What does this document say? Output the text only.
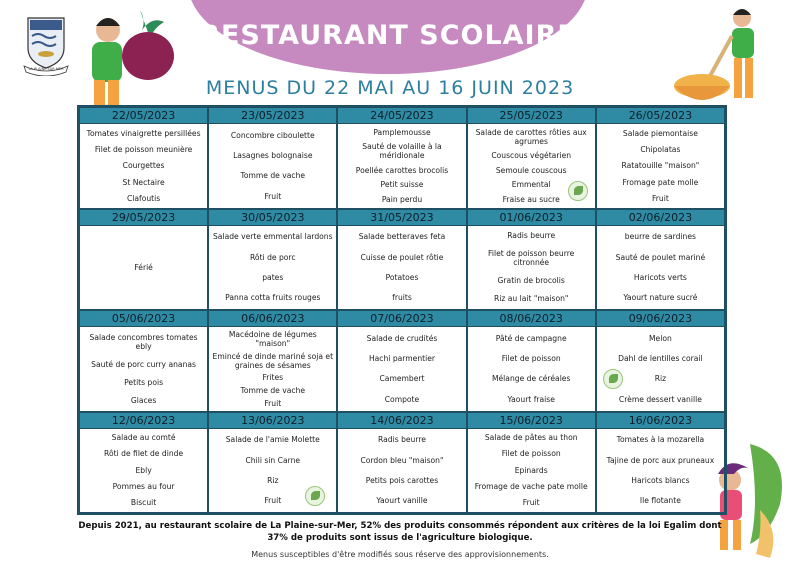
RESTAURANT SCOLAIRE
MENUS DU 22 MAI AU 16 JUIN 2023
LA PLAINE SUR MER
22/05/2023
Tomates vinaigrette persillées
Filet de poisson meunière
Courgettes
St Nectaire
Clafoutis
23/05/2023
Concombre ciboulette
Lasagnes bolognaise
Tomme de vache
Fruit
24/05/2023
Pamplemousse
Sauté de volaille à la méridionale
Poellée carottes brocolis
Petit suisse
Pain perdu
25/05/2023
Salade de carottes rôties aux agrumes
Couscous végétarien
Semoule couscous
Emmental
Fraise au sucre
26/05/2023
Salade piemontaise
Chipolatas
Ratatouille "maison"
Fromage pate molle
Fruit
29/05/2023
Férié
30/05/2023
Salade verte emmental lardons
Rôti de porc
pates
Panna cotta fruits rouges
31/05/2023
Salade betteraves feta
Cuisse de poulet rôtie
Potatoes
fruits
01/06/2023
Radis beurre
Filet de poisson beurre citronnée
Gratin de brocolis
Riz au lait "maison"
02/06/2023
beurre de sardines
Sauté de poulet mariné
Haricots verts
Yaourt nature sucré
05/06/2023
Salade concombres tomates ebly
Sauté de porc curry ananas
Petits pois
Glaces
06/06/2023
Macédoine de légumes "maison"
Emincé de dinde mariné soja et graines de sésames
Frites
Tomme de vache
Fruit
07/06/2023
Salade de crudités
Hachi parmentier
Camembert
Compote
08/06/2023
Pâté de campagne
Filet de poisson
Mélange de céréales
Yaourt fraise
09/06/2023
Melon
Dahl de lentilles corail
Riz
Crème dessert vanille
12/06/2023
Salade au comté
Rôti de filet de dinde
Ebly
Pommes au four
Biscuit
13/06/2023
Salade de l'amie Molette
Chili sin Carne
Riz
Fruit
14/06/2023
Radis beurre
Cordon bleu "maison"
Petits pois carottes
Yaourt vanille
15/06/2023
Salade de pâtes au thon
Filet de poisson
Epinards
Fromage de vache pate molle
Fruit
16/06/2023
Tomates à la mozarella
Tajine de porc aux pruneaux
Haricots blancs
Ile flotante
Depuis 2021, au restaurant scolaire de La Plaine-sur-Mer, 52% des produits consommés répondent aux critères de la loi Egalim dont 37% de produits sont issus de l'agriculture biologique.
Menus susceptibles d'être modifiés sous réserve des approvisionnements.
